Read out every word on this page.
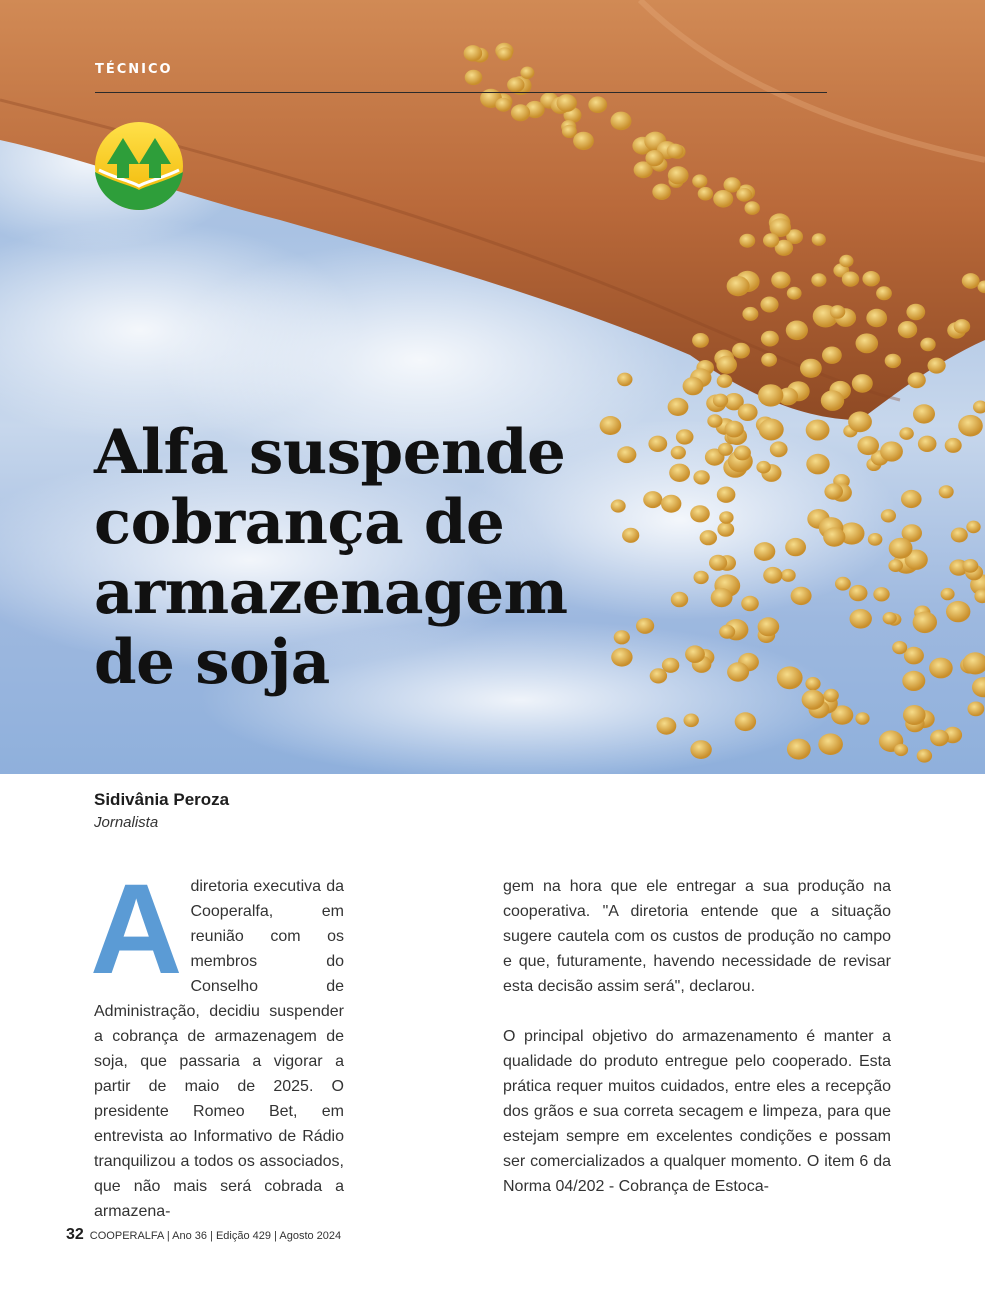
TÉCNICO
Alfa suspende
cobrança de
armazenagem
de soja
Sidivânia Peroza
Jornalista

Adiretoria executiva da Cooperalfa, em reunião com os membros do Conselho de Administração, decidiu suspender a cobrança de armazenagem de soja, que passaria a vigorar a partir de maio de 2025. O presidente Romeo Bet, em entrevista ao Informativo de Rádio tranquilizou a todos os associados, que não mais será cobrada a armazena-

gem na hora que ele entregar a sua produção na cooperativa. "A diretoria entende que a situação sugere cautela com os custos de produção no campo e que, futuramente, havendo necessidade de revisar esta decisão assim será", declarou.

O principal objetivo do armazenamento é manter a qualidade do produto entregue pelo cooperado. Esta prática requer muitos cuidados, entre eles a recepção dos grãos e sua correta secagem e limpeza, para que estejam sempre em excelentes condições e possam ser comercializados a qualquer momento. O item 6 da Norma 04/202 - Cobrança de Estoca-

32 COOPERALFA | Ano 36 | Edição 429 | Agosto 2024
